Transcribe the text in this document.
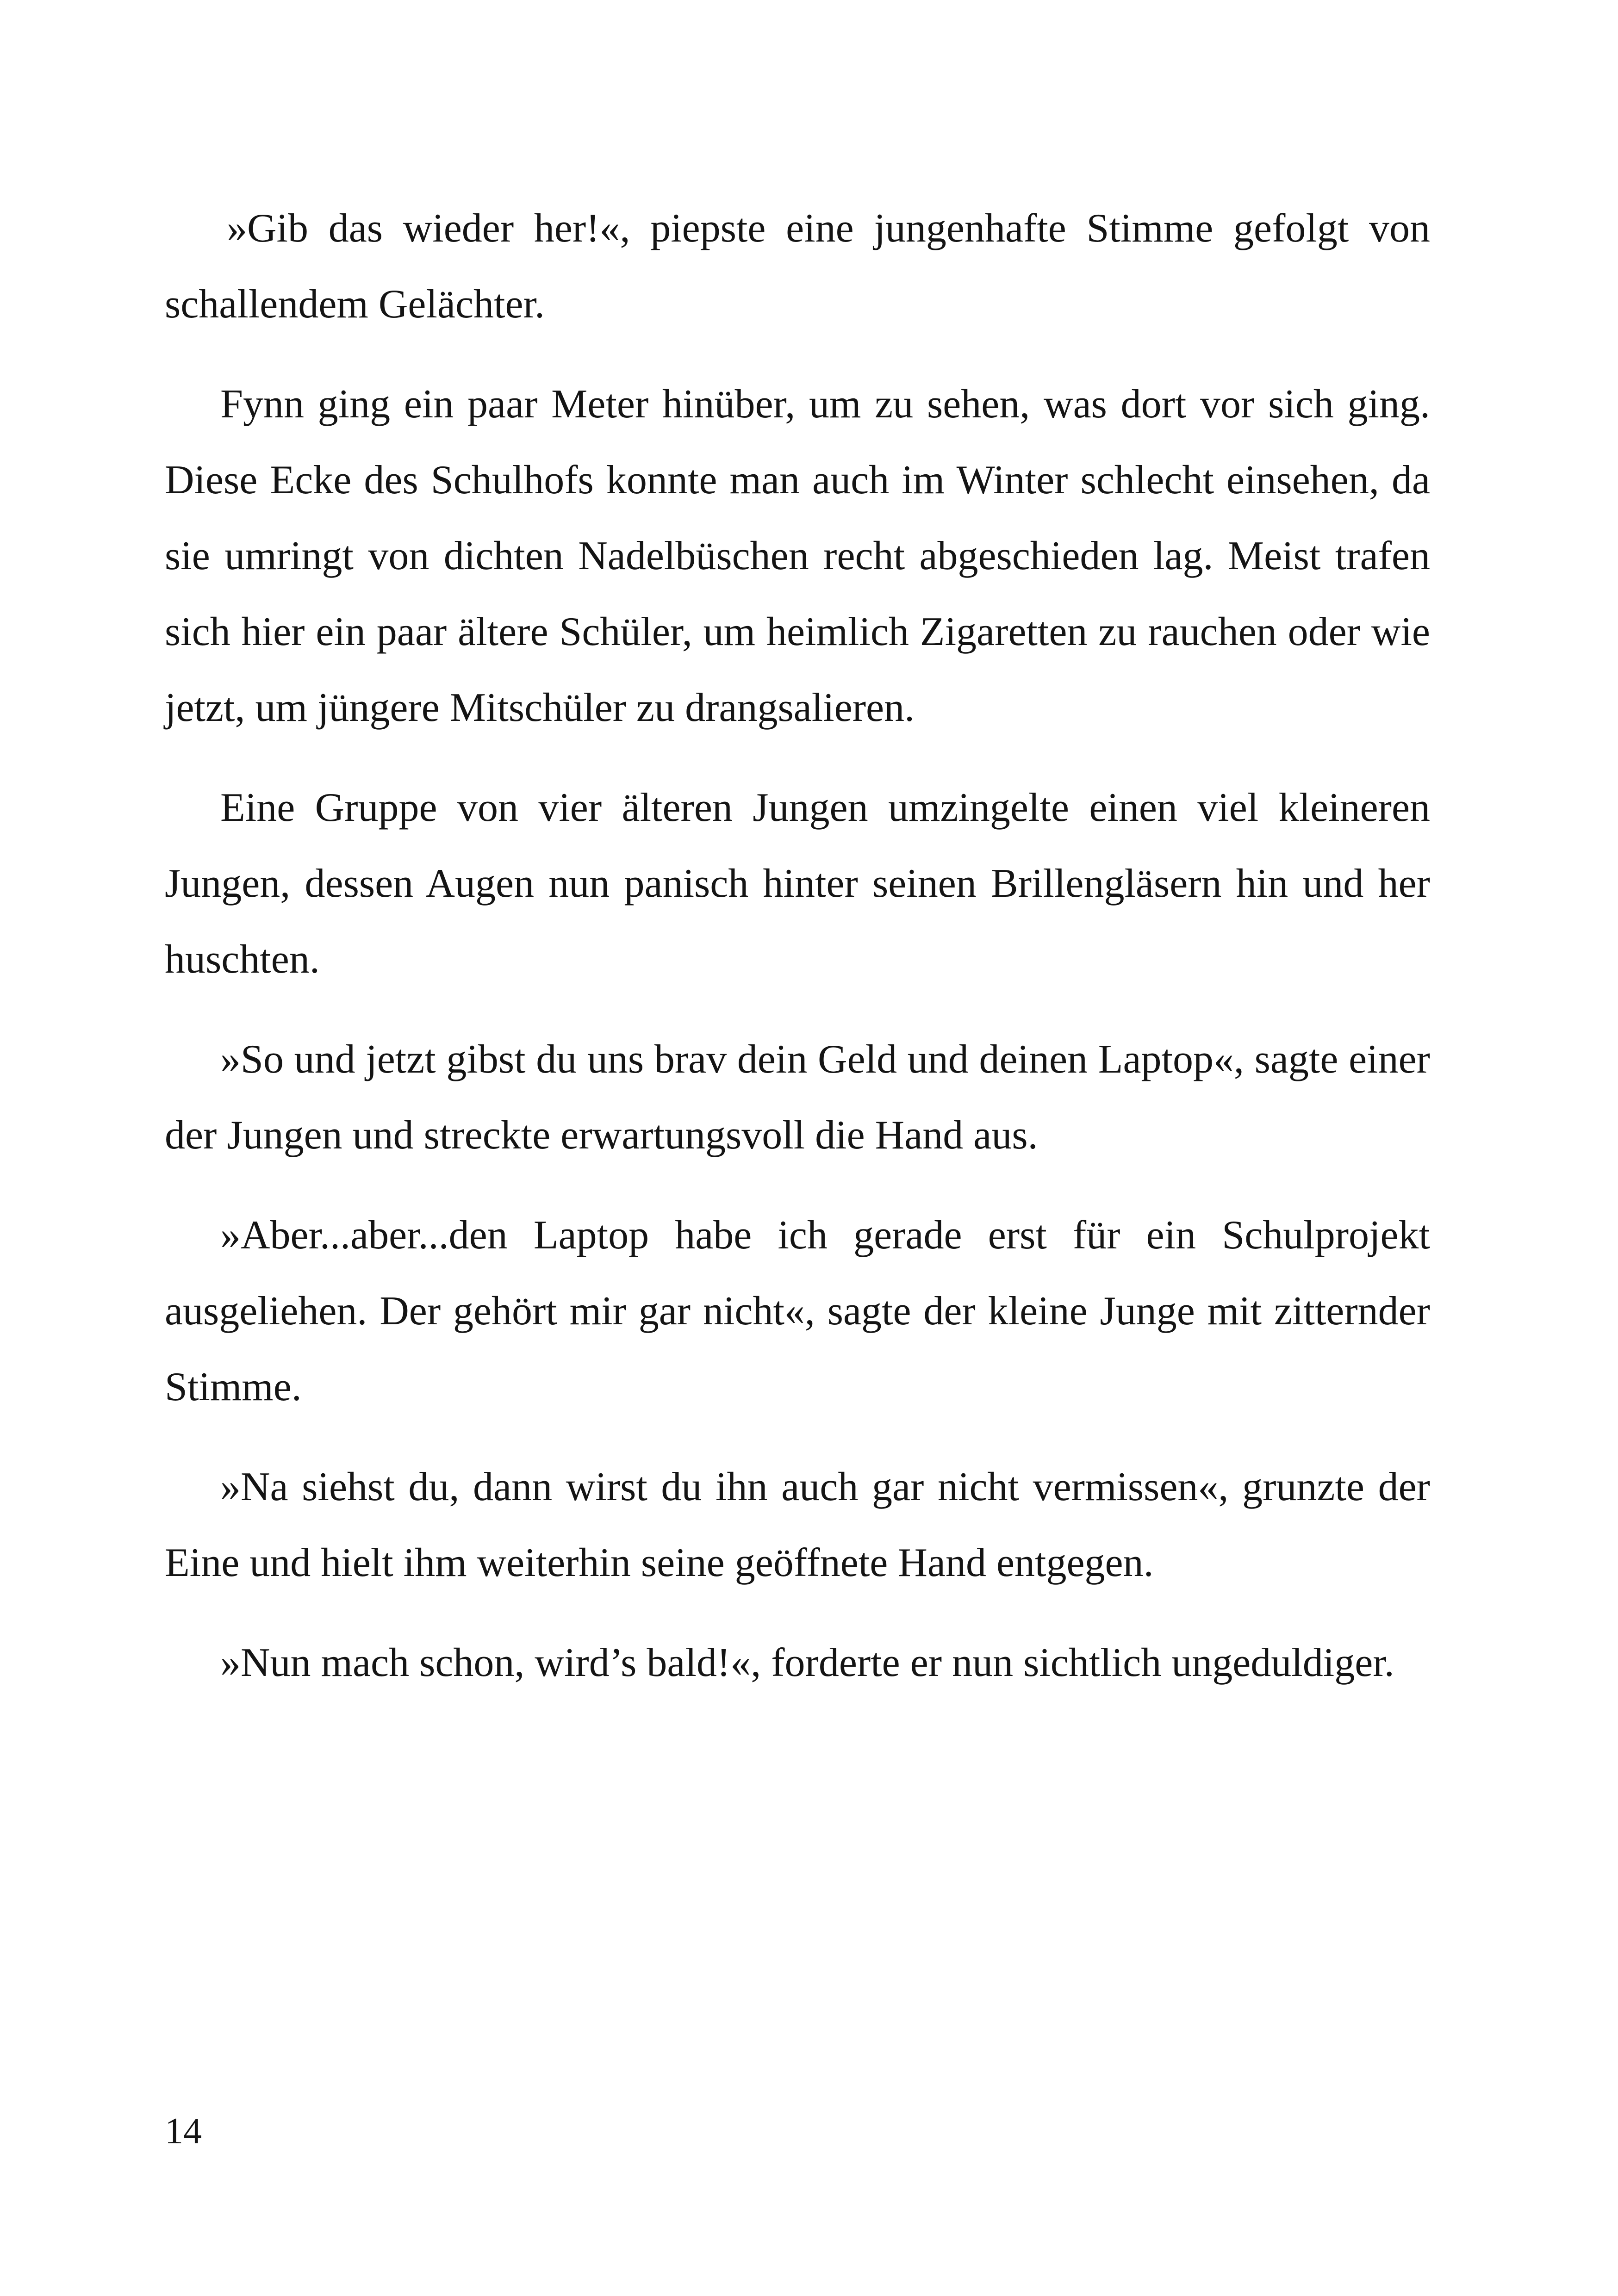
»Gib das wieder her!«, piepste eine jungenhafte Stimme gefolgt von schallendem Gelächter.

Fynn ging ein paar Meter hinüber, um zu sehen, was dort vor sich ging. Diese Ecke des Schulhofs konnte man auch im Winter schlecht einsehen, da sie umringt von dichten Nadelbüschen recht abgeschieden lag. Meist trafen sich hier ein paar ältere Schüler, um heimlich Zigaretten zu rauchen oder wie jetzt, um jüngere Mitschüler zu drangsalieren.

Eine Gruppe von vier älteren Jungen umzingelte einen viel kleineren Jungen, dessen Augen nun panisch hinter seinen Brillengläsern hin und her huschten.

»So und jetzt gibst du uns brav dein Geld und deinen Laptop«, sagte einer der Jungen und streckte erwartungsvoll die Hand aus.

»Aber...aber...den Laptop habe ich gerade erst für ein Schulprojekt ausgeliehen. Der gehört mir gar nicht«, sagte der kleine Junge mit zitternder Stimme.

»Na siehst du, dann wirst du ihn auch gar nicht vermissen«, grunzte der Eine und hielt ihm weiterhin seine geöffnete Hand entgegen.

»Nun mach schon, wird’s bald!«, forderte er nun sichtlich ungeduldiger.

14
